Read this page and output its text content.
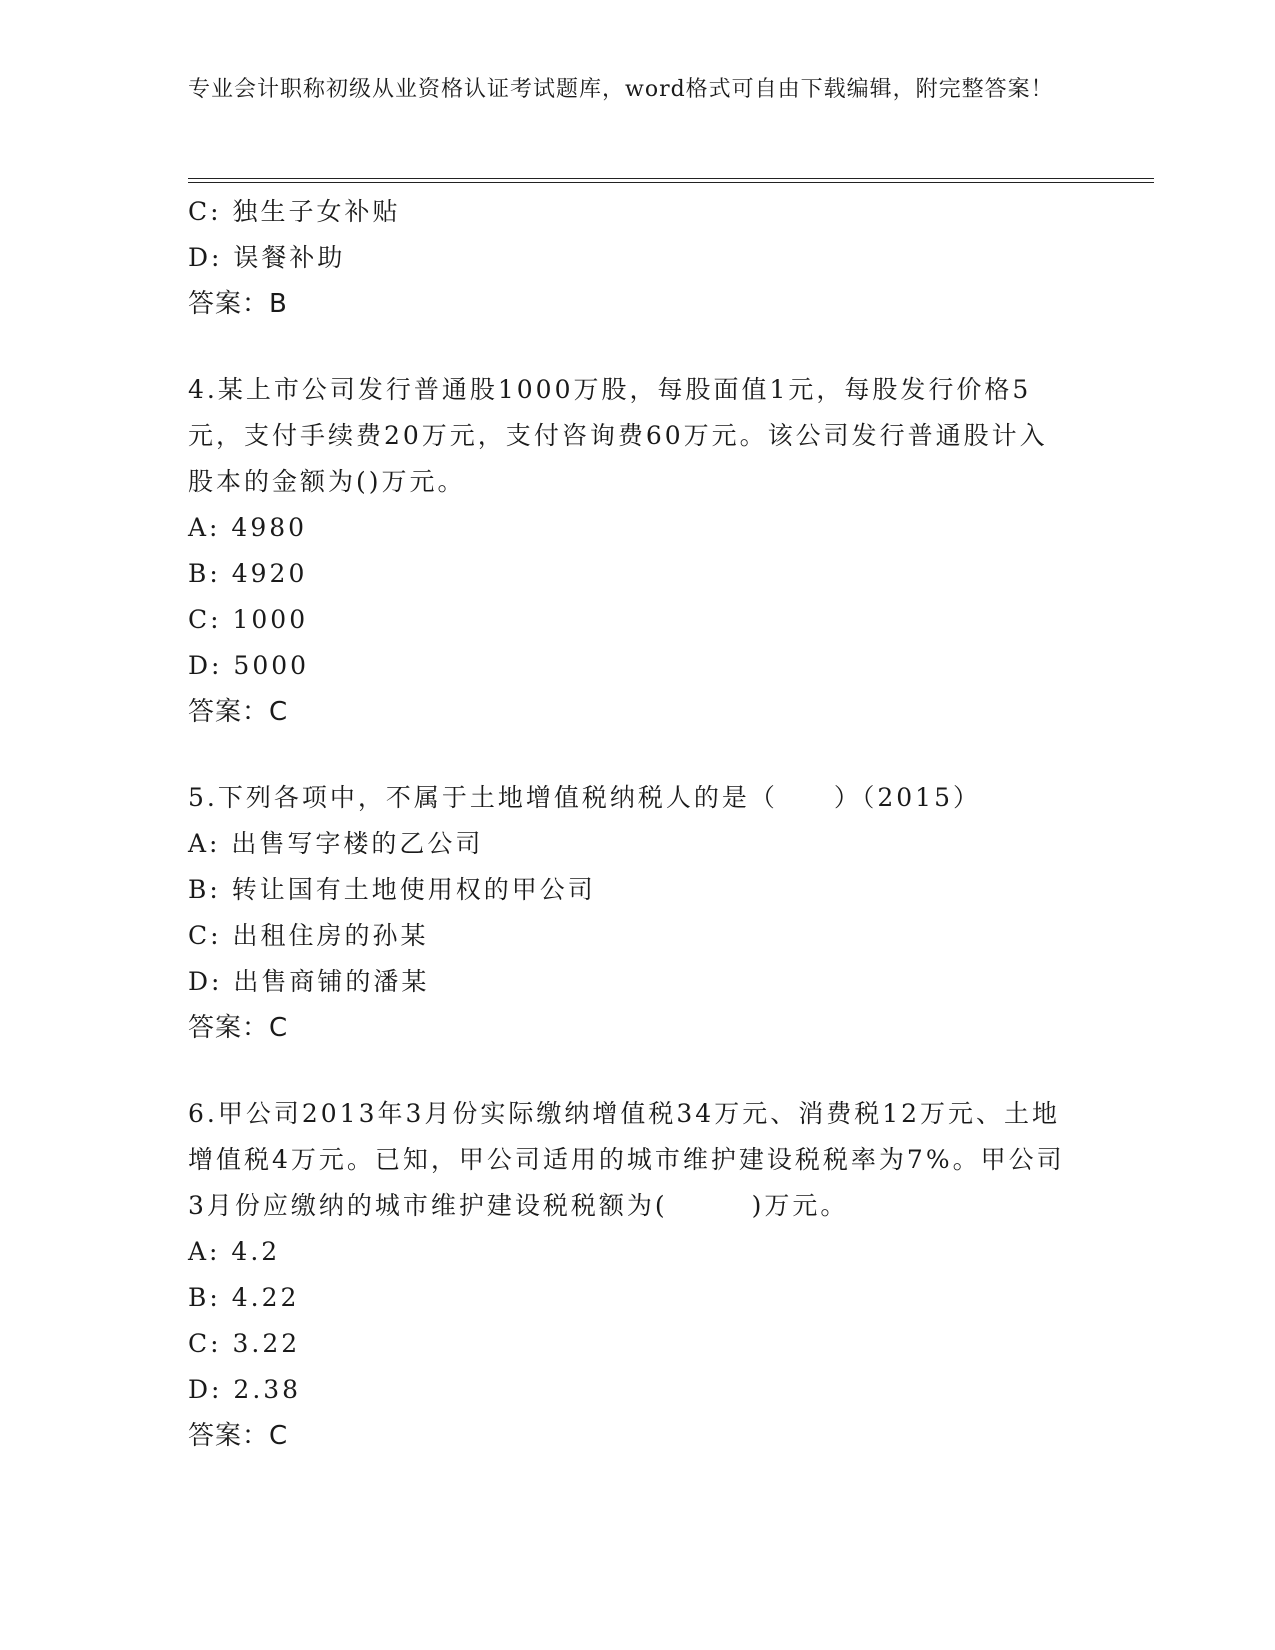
专业会计职称初级从业资格认证考试题库，word格式可自由下载编辑，附完整答案！
C: 独生子女补贴
D: 误餐补助
答案：B
4.某上市公司发行普通股1000万股，每股面值1元，每股发行价格5元，支付手续费20万元，支付咨询费60万元。该公司发行普通股计入股本的金额为()万元。
A: 4980
B: 4920
C: 1000
D: 5000
答案：C
5.下列各项中，不属于土地增值税纳税人的是（　　）（2015）
A: 出售写字楼的乙公司
B: 转让国有土地使用权的甲公司
C: 出租住房的孙某
D: 出售商铺的潘某
答案：C
6.甲公司2013年3月份实际缴纳增值税34万元、消费税12万元、土地增值税4万元。已知，甲公司适用的城市维护建设税税率为7%。甲公司3月份应缴纳的城市维护建设税税额为(　　　)万元。
A: 4.2
B: 4.22
C: 3.22
D: 2.38
答案：C
